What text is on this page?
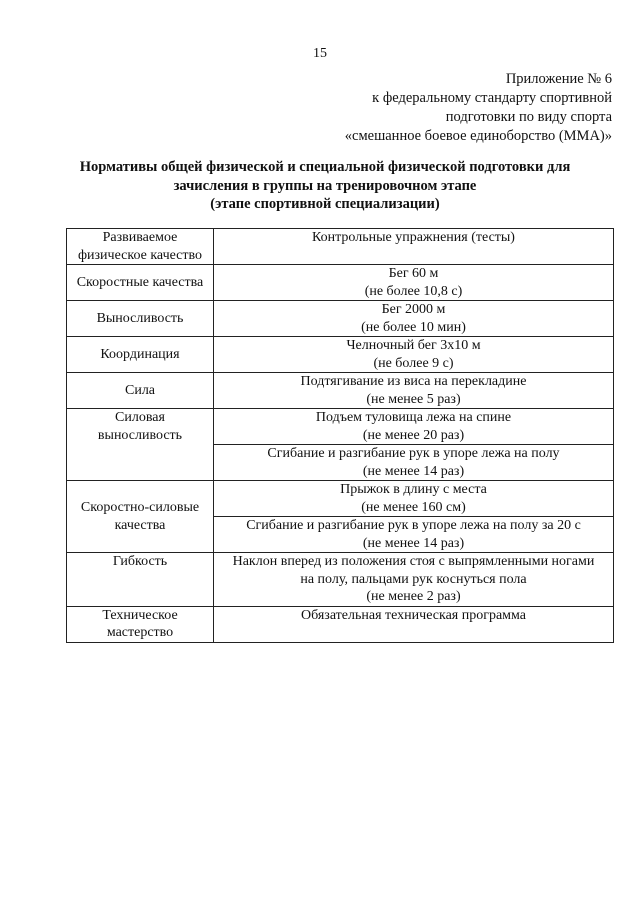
15
Приложение № 6
к федеральному стандарту спортивной
подготовки по виду спорта
«смешанное боевое единоборство (ММА)»
Нормативы общей физической и специальной физической подготовки для
зачисления в группы на тренировочном этапе
(этапе спортивной специализации)
Развиваемое
физическое качество	Контрольные упражнения (тесты)

Скоростные качества	Бег 60 м
(не более 10,8 с)

Выносливость	Бег 2000 м
(не более 10 мин)

Координация	Челночный бег 3х10 м
(не более 9 с)

Сила	Подтягивание из виса на перекладине
(не менее 5 раз)

Силовая
выносливость	Подъем туловища лежа на спине
(не менее 20 раз)

	Сгибание и разгибание рук в упоре лежа на полу
(не менее 14 раз)

Скоростно-силовые
качества	Прыжок в длину с места
(не менее 160 см)

	Сгибание и разгибание рук в упоре лежа на полу за 20 с
(не менее 14 раз)

Гибкость	Наклон вперед из положения стоя с выпрямленными ногами
на полу, пальцами рук коснуться пола
(не менее 2 раз)

Техническое
мастерство	Обязательная техническая программа
